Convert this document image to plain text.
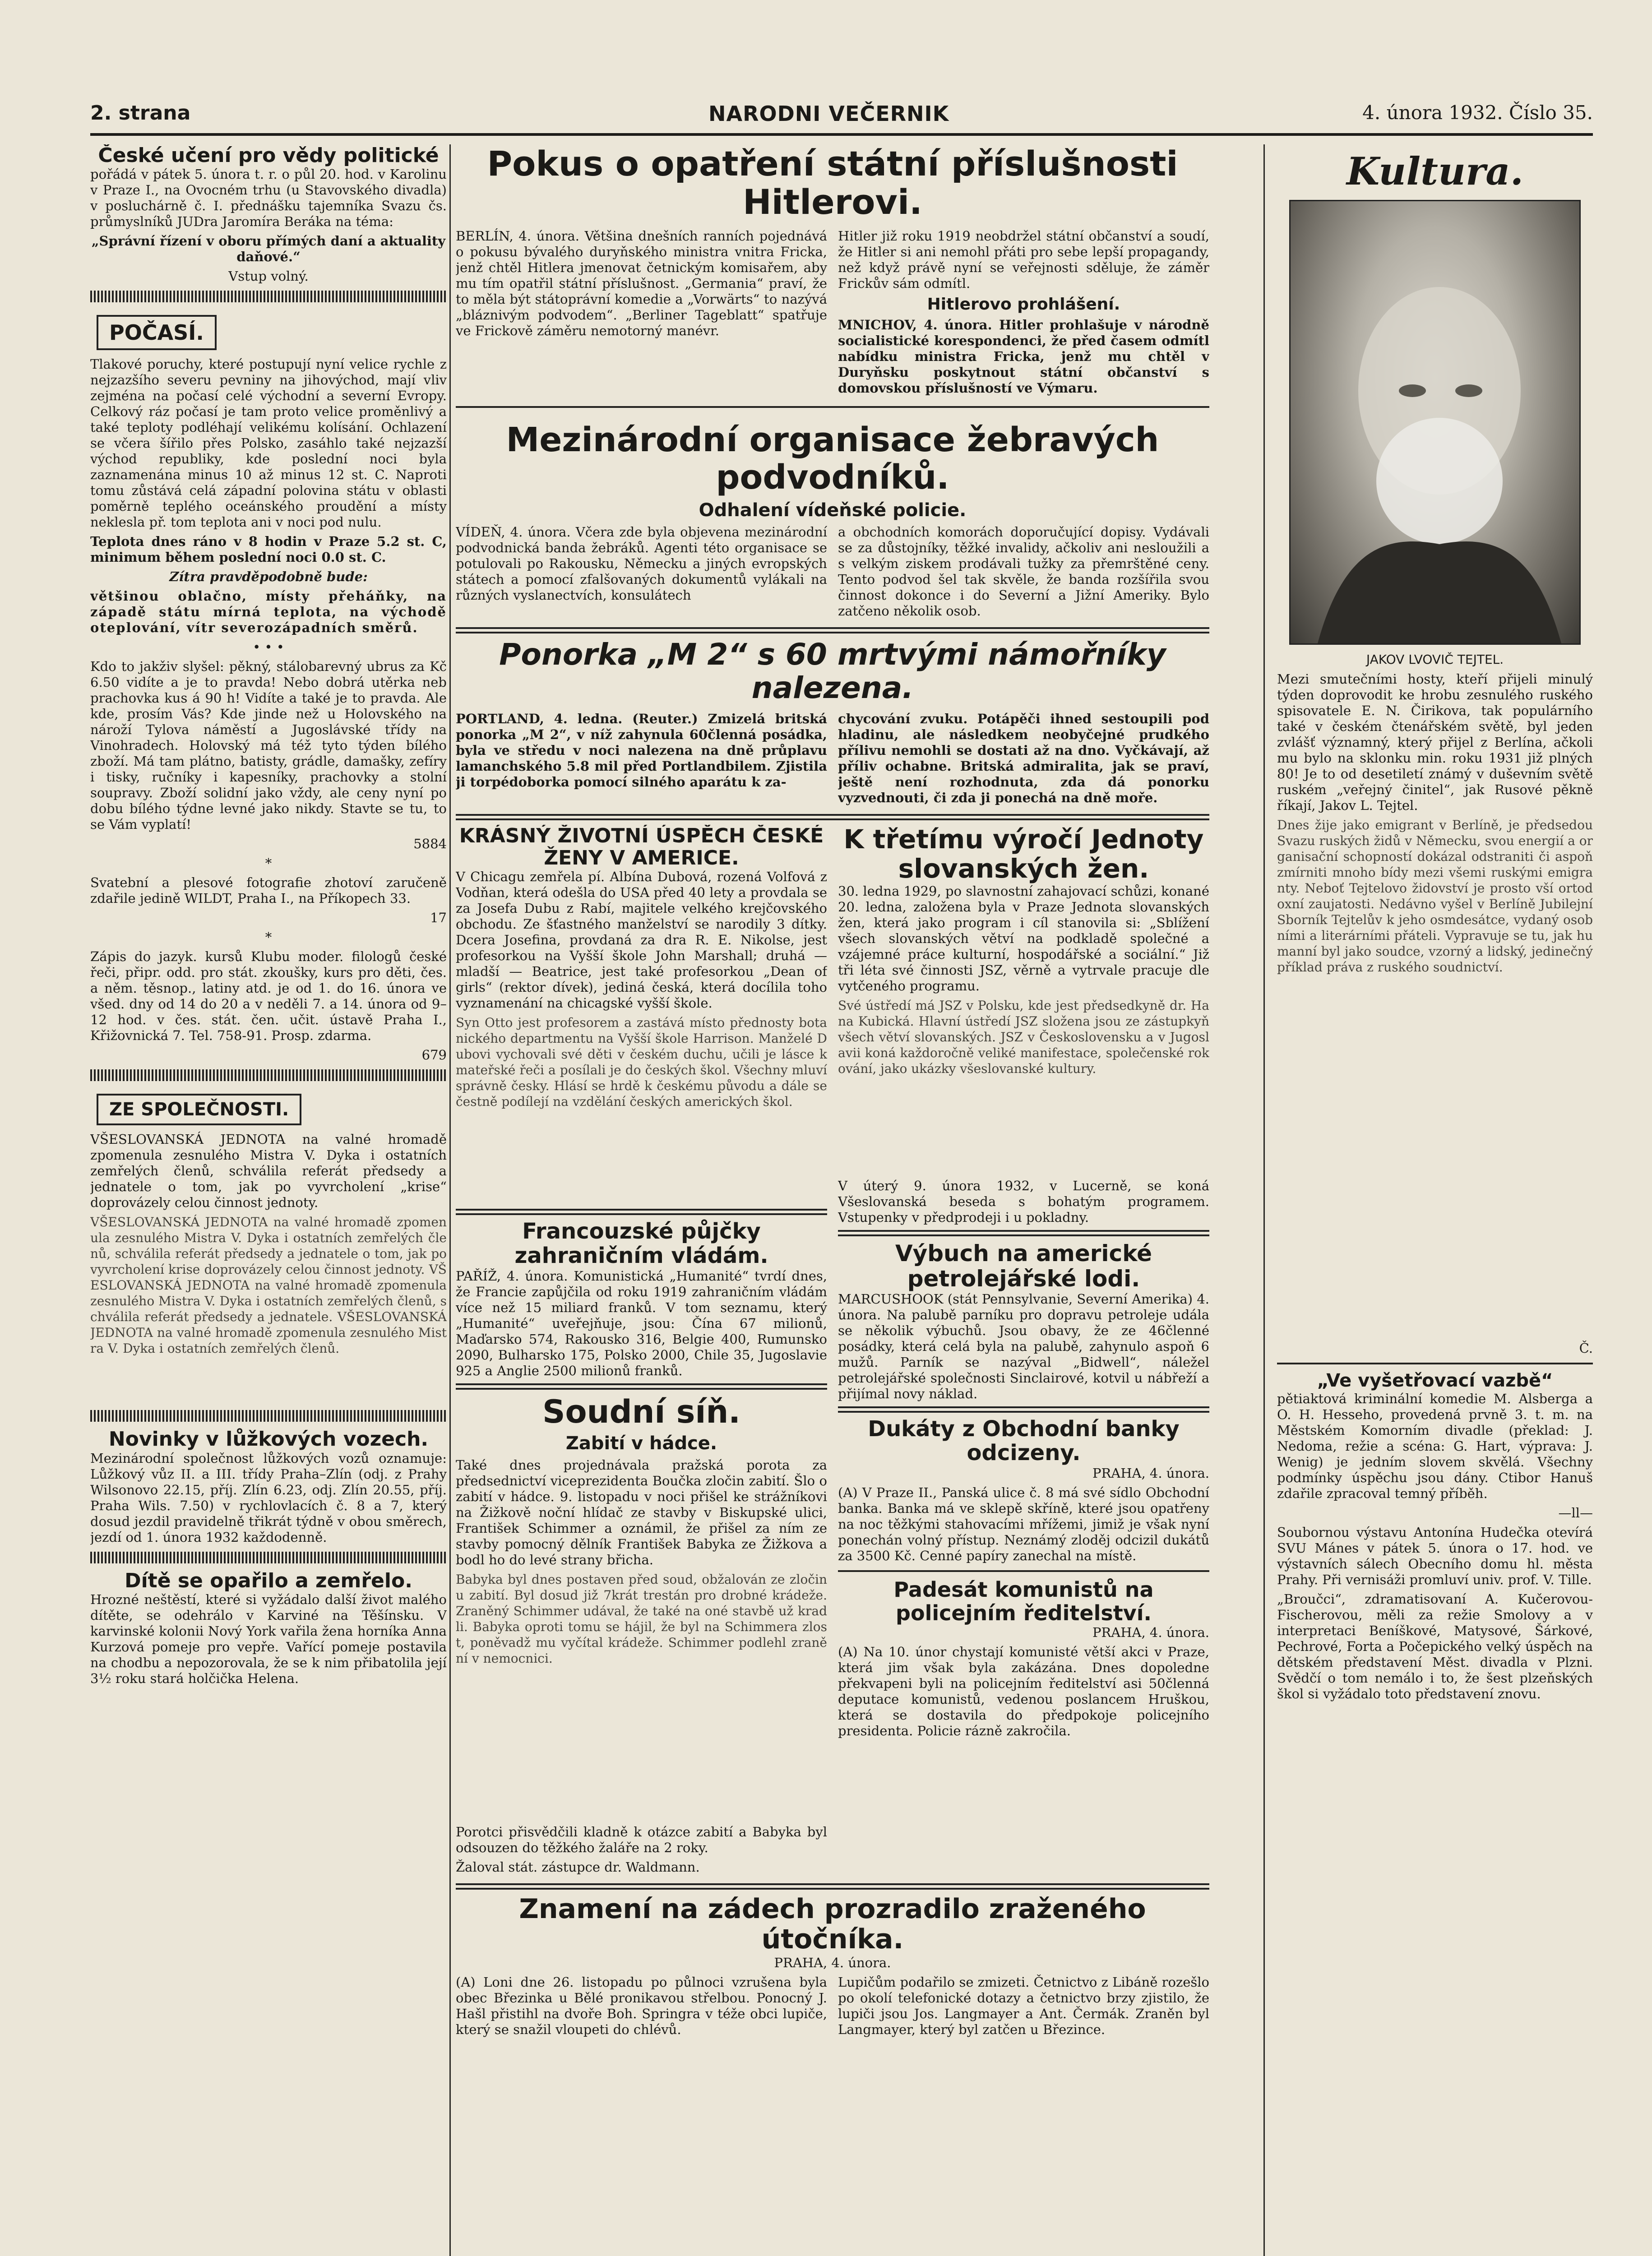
2. strana	NARODNI VEČERNIK	4. února 1932. Číslo 35.
České učení pro vědy politické

pořádá v pátek 5. února t. r. o půl 20. hod. v Karolinu v Praze I., na Ovocném trhu (u Stavovského divadla) v posluchárně č. I. přednášku tajemníka Svazu čs. průmyslníků JUDra Jaromíra Beráka na téma:

„Správní řízení v oboru přímých daní a aktuality daňové.“

Vstup volný.

POČASÍ.

Tlakové poruchy, které postupují nyní velice rychle z nejzazšího severu pevniny na jihovýchod, mají vliv zejména na počasí celé východní a severní Evropy. Celkový ráz počasí je tam proto velice proměnlivý a také teploty podléhají velikému kolísání. Ochlazení se včera šířilo přes Polsko, zasáhlo také nejzazší východ republiky, kde poslední noci byla zaznamenána minus 10 až minus 12 st. C. Naproti tomu zůstává celá západní polovina státu v oblasti poměrně teplého oceánského proudění a místy neklesla př. tom teplota ani v noci pod nulu.

Teplota dnes ráno v 8 hodin v Praze 5.2 st. C, minimum během poslední noci 0.0 st. C.

Zítra pravděpodobně bude:

většinou oblačno, místy přeháňky, na západě státu mírná teplota, na východě oteplování, vítr severozápadních směrů.

• • •

Kdo to jakživ slyšel: pěkný, stálobarevný ubrus za Kč 6.50 vidíte a je to pravda! Nebo dobrá utěrka neb prachovka kus á 90 h! Vidíte a také je to pravda. Ale kde, prosím Vás? Kde jinde než u Holovského na nároží Tylova náměstí a Jugoslávské třídy na Vinohradech. Holovský má též tyto týden bílého zboží. Má tam plátno, batisty, grádle, damašky, zefíry i tisky, ručníky i kapesníky, prachovky a stolní soupravy. Zboží solidní jako vždy, ale ceny nyní po dobu bílého týdne levné jako nikdy. Stavte se tu, to se Vám vyplatí!

5884

*

Svatební a plesové fotografie zhotoví zaručeně zdařile jedině WILDT, Praha I., na Příkopech 33.

17

*

Zápis do jazyk. kursů Klubu moder. filologů české řeči, připr. odd. pro stát. zkoušky, kurs pro děti, čes. a něm. těsnop., latiny atd. je od 1. do 16. února ve všed. dny od 14 do 20 a v neděli 7. a 14. února od 9–12 hod. v čes. stát. čen. učit. ústavě Praha I., Křižovnická 7. Tel. 758-91. Prosp. zdarma.

679

ZE SPOLEČNOSTI.

VŠESLOVANSKÁ JEDNOTA na valné hromadě zpomenula zesnulého Mistra V. Dyka i ostatních zemřelých členů, schválila referát předsedy a jednatele o tom, jak po vyvrcholení „krise“ doprovázely celou činnost jednoty.

VŠESLOVANSKÁ JEDNOTA na valné hromadě zpomenula zesnulého Mistra V. Dyka i ostatních zemřelých členů, schválila referát předsedy a jednatele o tom, jak po vyvrcholení krise doprovázely celou činnost jednoty. VŠESLOVANSKÁ JEDNOTA na valné hromadě zpomenula zesnulého Mistra V. Dyka i ostatních zemřelých členů, schválila referát předsedy a jednatele. VŠESLOVANSKÁ JEDNOTA na valné hromadě zpomenula zesnulého Mistra V. Dyka i ostatních zemřelých členů.

Novinky v lůžkových vozech.

Mezinárodní společnost lůžkových vozů oznamuje: Lůžkový vůz II. a III. třídy Praha–Zlín (odj. z Prahy Wilsonovo 22.15, příj. Zlín 6.23, odj. Zlín 20.55, příj. Praha Wils. 7.50) v rychlovlacích č. 8 a 7, který dosud jezdil pravidelně třikrát týdně v obou směrech, jezdí od 1. února 1932 každodenně.

Dítě se opařilo a zemřelo.

Hrozné neštěstí, které si vyžádalo další život malého dítěte, se odehrálo v Karviné na Těšínsku. V karvinské kolonii Nový York vařila žena horníka Anna Kurzová pomeje pro vepře. Vařící pomeje postavila na chodbu a nepozorovala, že se k nim přibatolila její 3½ roku stará holčička Helena.

Pokus o opatření státní příslušnosti Hitlerovi.

BERLÍN, 4. února. Většina dnešních ranních pojednává o pokusu bývalého duryňského ministra vnitra Fricka, jenž chtěl Hitlera jmenovat četnickým komisařem, aby mu tím opatřil státní příslušnost. „Germania“ praví, že to měla být státoprávní komedie a „Vorwärts“ to nazývá „bláznivým podvodem“. „Berliner Tageblatt“ spatřuje ve Frickově záměru nemotorný manévr.

Hitler již roku 1919 neobdržel státní občanství a soudí, že Hitler si ani nemohl přáti pro sebe lepší propagandy, než když právě nyní se veřejnosti sděluje, že záměr Frickův sám odmítl.

Hitlerovo prohlášení.

MNICHOV, 4. února. Hitler prohlašuje v národně socialistické korespondenci, že před časem odmítl nabídku ministra Fricka, jenž mu chtěl v Duryňsku poskytnout státní občanství s domovskou příslušností ve Výmaru.

Mezinárodní organisace žebravých podvodníků.

Odhalení vídeňské policie.

VÍDEŇ, 4. února. Včera zde byla objevena mezinárodní podvodnická banda žebráků. Agenti této organisace se potulovali po Rakousku, Německu a jiných evropských státech a pomocí zfalšovaných dokumentů vylákali na různých vyslanectvích, konsulátech

a obchodních komorách doporučující dopisy. Vydávali se za důstojníky, těžké invalidy, ačkoliv ani nesloužili a s velkým ziskem prodávali tužky za přemrštěné ceny. Tento podvod šel tak skvěle, že banda rozšířila svou činnost dokonce i do Severní a Jižní Ameriky. Bylo zatčeno několik osob.

Ponorka „M 2“ s 60 mrtvými námořníky nalezena.

PORTLAND, 4. ledna. (Reuter.) Zmizelá britská ponorka „M 2“, v níž zahynula 60členná posádka, byla ve středu v noci nalezena na dně průplavu lamanchského 5.8 mil před Portlandbilem. Zjistila ji torpédoborka pomocí silného aparátu k za-

chycování zvuku. Potápěči ihned sestoupili pod hladinu, ale následkem neobyčejné prudkého přílivu nemohli se dostati až na dno. Vyčkávají, až příliv ochabne. Britská admiralita, jak se praví, ještě není rozhodnuta, zda dá ponorku vyzvednouti, či zda ji ponechá na dně moře.

KRÁSNÝ ŽIVOTNÍ ÚSPĚCH ČESKÉ ŽENY V AMERICE.

V Chicagu zemřela pí. Albína Dubová, rozená Volfová z Vodňan, která odešla do USA před 40 lety a provdala se za Josefa Dubu z Rabí, majitele velkého krejčovského obchodu. Ze šťastného manželství se narodily 3 dítky. Dcera Josefina, provdaná za dra R. E. Nikolse, jest profesorkou na Vyšší škole John Marshall; druhá — mladší — Beatrice, jest také profesorkou „Dean of girls“ (rektor dívek), jediná česká, která docílila toho vyznamenání na chicagské vyšší škole.

Syn Otto jest profesorem a zastává místo přednosty botanického departmentu na Vyšší škole Harrison. Manželé Dubovi vychovali své děti v českém duchu, učili je lásce k mateřské řeči a posílali je do českých škol. Všechny mluví správně česky. Hlásí se hrdě k českému původu a dále se čestně podílejí na vzdělání českých amerických škol.

Francouzské půjčky zahraničním vládám.

PAŘÍŽ, 4. února. Komunistická „Humanité“ tvrdí dnes, že Francie zapůjčila od roku 1919 zahraničním vládám více než 15 miliard franků. V tom seznamu, který „Humanité“ uveřejňuje, jsou: Čína 67 milionů, Maďarsko 574, Rakousko 316, Belgie 400, Rumunsko 2090, Bulharsko 175, Polsko 2000, Chile 35, Jugoslavie 925 a Anglie 2500 milionů franků.

Soudní síň.

Zabití v hádce.

Také dnes projednávala pražská porota za předsednictví viceprezidenta Boučka zločin zabití. Šlo o zabití v hádce. 9. listopadu v noci přišel ke strážníkovi na Žižkově noční hlídač ze stavby v Biskupské ulici, František Schimmer a oznámil, že přišel za ním ze stavby pomocný dělník František Babyka ze Žižkova a bodl ho do levé strany břicha.

Babyka byl dnes postaven před soud, obžalován ze zločinu zabití. Byl dosud již 7krát trestán pro drobné krádeže. Zraněný Schimmer udával, že také na oné stavbě už kradli. Babyka oproti tomu se hájil, že byl na Schimmera zlost, poněvadž mu vyčítal krádeže. Schimmer podlehl zranění v nemocnici.

Porotci přisvědčili kladně k otázce zabití a Babyka byl odsouzen do těžkého žaláře na 2 roky.

Žaloval stát. zástupce dr. Waldmann.

K třetímu výročí Jednoty slovanských žen.

30. ledna 1929, po slavnostní zahajovací schůzi, konané 20. ledna, založena byla v Praze Jednota slovanských žen, která jako program i cíl stanovila si: „Sblížení všech slovanských větví na podkladě společné a vzájemné práce kulturní, hospodářské a sociální.“ Již tři léta své činnosti JSZ, věrně a vytrvale pracuje dle vytčeného programu.

Své ústředí má JSZ v Polsku, kde jest předsedkyně dr. Hana Kubická. Hlavní ústředí JSZ složena jsou ze zástupkyň všech větví slovanských. JSZ v Československu a v Jugoslavii koná každoročně veliké manifestace, společenské rokování, jako ukázky všeslovanské kultury.

V úterý 9. února 1932, v Lucerně, se koná Všeslovanská beseda s bohatým programem. Vstupenky v předprodeji i u pokladny.

Výbuch na americké petrolejářské lodi.

MARCUSHOOK (stát Pennsylvanie, Severní Amerika) 4. února. Na palubě parníku pro dopravu petroleje udála se několik výbuchů. Jsou obavy, že ze 46členné posádky, která celá byla na palubě, zahynulo aspoň 6 mužů. Parník se nazýval „Bidwell“, náležel petrolejářské společnosti Sinclairové, kotvil u nábřeží a přijímal novy náklad.

Dukáty z Obchodní banky odcizeny.

PRAHA, 4. února.

(A) V Praze II., Panská ulice č. 8 má své sídlo Obchodní banka. Banka má ve sklepě skříně, které jsou opatřeny na noc těžkými stahovacími mřížemi, jimiž je však nyní ponechán volný přístup. Neznámý zloděj odcizil dukátů za 3500 Kč. Cenné papíry zanechal na místě.

Padesát komunistů na policejním ředitelství.

PRAHA, 4. února.

(A) Na 10. únor chystají komunisté větší akci v Praze, která jim však byla zakázána. Dnes dopoledne překvapeni byli na policejním ředitelství asi 50členná deputace komunistů, vedenou poslancem Hruškou, která se dostavila do předpokoje policejního presidenta. Policie rázně zakročila.

Znamení na zádech prozradilo zraženého útočníka.

PRAHA, 4. února.

(A) Loni dne 26. listopadu po půlnoci vzrušena byla obec Březinka u Bělé pronikavou střelbou. Ponocný J. Hašl přistihl na dvoře Boh. Springra v téže obci lupiče, který se snažil vloupeti do chlévů.

Lupičům podařilo se zmizeti. Četnictvo z Libáně rozešlo po okolí telefonické dotazy a četnictvo brzy zjistilo, že lupiči jsou Jos. Langmayer a Ant. Čermák. Zraněn byl Langmayer, který byl zatčen u Březince.

Kultura.

JAKOV LVOVIČ TEJTEL.

Mezi smutečními hosty, kteří přijeli minulý týden doprovodit ke hrobu zesnulého ruského spisovatele E. N. Čirikova, tak populárního také v českém čtenářském světě, byl jeden zvlášť významný, který přijel z Berlína, ačkoli mu bylo na sklonku min. roku 1931 již plných 80! Je to od desetiletí známý v duševním světě ruském „veřejný činitel“, jak Rusové pěkně říkají, Jakov L. Tejtel.

Dnes žije jako emigrant v Berlíně, je předsedou Svazu ruských židů v Německu, svou energií a organisační schopností dokázal odstraniti či aspoň zmírniti mnoho bídy mezi všemi ruskými emigranty. Neboť Tejtelovo židovství je prosto vší ortodoxní zaujatosti. Nedávno vyšel v Berlíně Jubilejní Sborník Tejtelův k jeho osmdesátce, vydaný osobními a literárními přáteli. Vypravuje se tu, jak humanní byl jako soudce, vzorný a lidský, jedinečný příklad práva z ruského soudnictví.

Č.

„Ve vyšetřovací vazbě“

pětiaktová kriminální komedie M. Alsberga a O. H. Hesseho, provedená prvně 3. t. m. na Městském Komorním divadle (překlad: J. Nedoma, režie a scéna: G. Hart, výprava: J. Wenig) je jedním slovem skvělá. Všechny podmínky úspěchu jsou dány. Ctibor Hanuš zdařile zpracoval temný příběh.

—ll—

Soubornou výstavu Antonína Hudečka otevírá SVU Mánes v pátek 5. února o 17. hod. ve výstavních sálech Obecního domu hl. města Prahy. Při vernisáži promluví univ. prof. V. Tille.

„Broučci“, zdramatisovaní A. Kučerovou-Fischerovou, měli za režie Smolovy a v interpretaci Beníškové, Matysové, Šárkové, Pechrové, Forta a Počepického velký úspěch na dětském představení Měst. divadla v Plzni. Svědčí o tom nemálo i to, že šest plzeňských škol si vyžádalo toto představení znovu.
